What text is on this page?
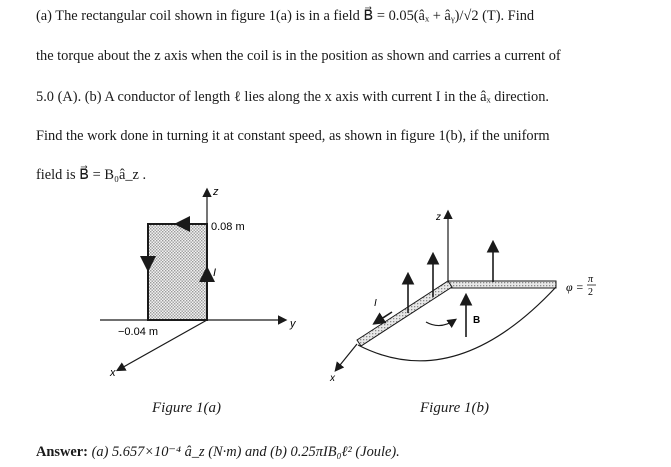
(a) The rectangular coil shown in figure 1(a) is in a field B⃗ = 0.05(âₓ + âᵧ)/√2 (T). Find
the torque about the z axis when the coil is in the position as shown and carries a current of
5.0 (A). (b) A conductor of length ℓ lies along the x axis with current I in the âₓ direction.
Find the work done in turning it at constant speed, as shown in figure 1(b), if the uniform
field is B⃗ = B₀â_z .
z
y
x
I
0.08 m
−0.04 m
z
x
B
I
φ =
π
2
Figure 1(a)	Figure 1(b)
Answer: (a) 5.657×10⁻⁴ â_z (N·m) and (b) 0.25πIB₀ℓ² (Joule).
